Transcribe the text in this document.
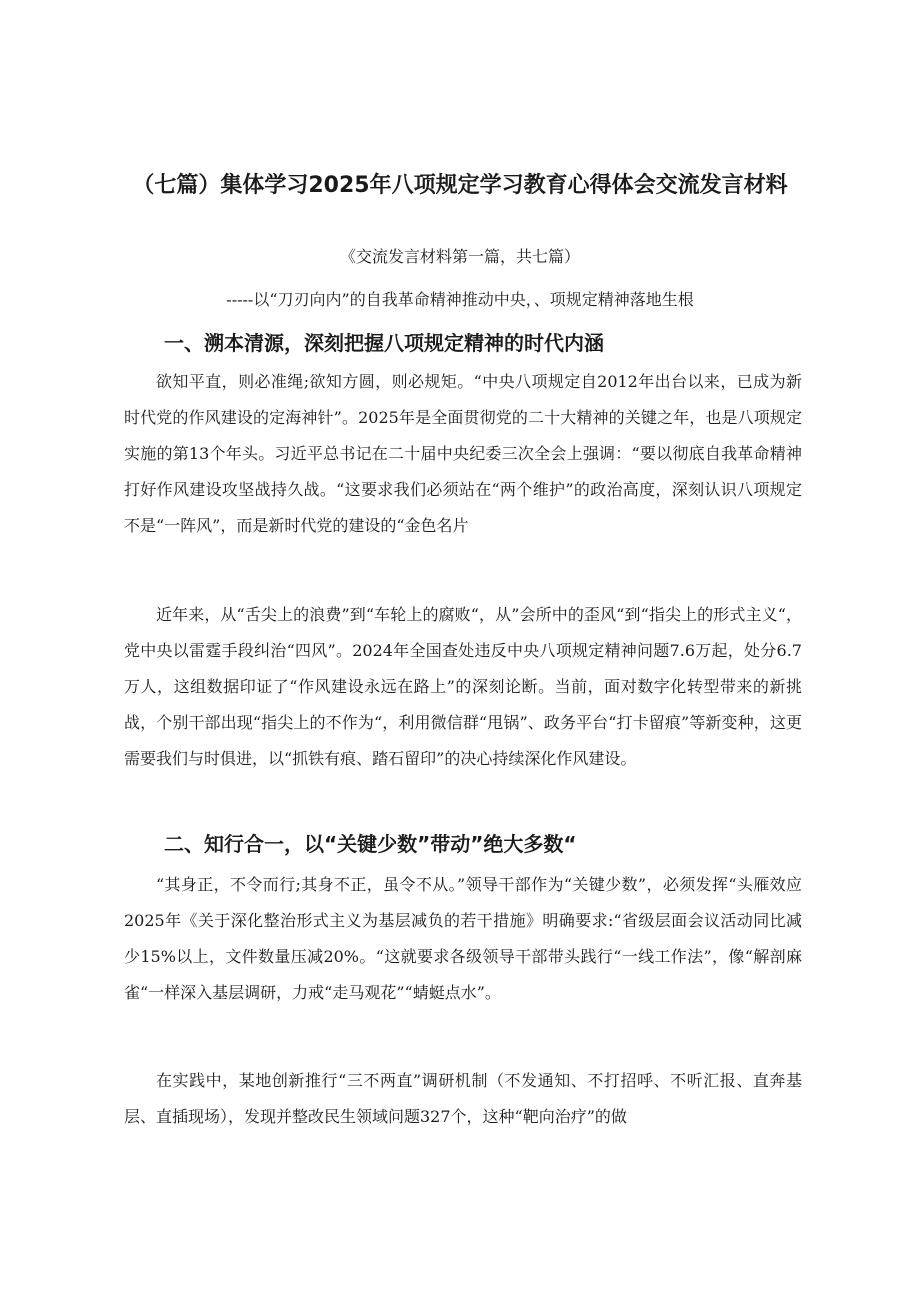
（七篇）集体学习2025年八项规定学习教育心得体会交流发言材料
《交流发言材料第一篇，共七篇）
-----以“刀刃向内”的自我革命精神推动中央，、项规定精神落地生根
一、溯本清源，深刻把握八项规定精神的时代内涵

欲知平直，则必准绳;欲知方圆，则必规矩。“中央八项规定自2012年出台以来，已成为新时代党的作风建设的定海神针”。2025年是全面贯彻党的二十大精神的关键之年，也是八项规定实施的第13个年头。习近平总书记在二十届中央纪委三次全会上强调：“要以彻底自我革命精神打好作风建设攻坚战持久战。“这要求我们必须站在“两个维护”的政治高度，深刻认识八项规定不是“一阵风”，而是新时代党的建设的“金色名片

近年来，从“舌尖上的浪费”到“车轮上的腐败“，从”会所中的歪风“到“指尖上的形式主义“，党中央以雷霆手段纠治“四风”。2024年全国查处违反中央八项规定精神问题7.6万起，处分6.7万人，这组数据印证了“作风建设永远在路上”的深刻论断。当前，面对数字化转型带来的新挑战，个别干部出现“指尖上的不作为“，利用微信群“甩锅”、政务平台“打卡留痕”等新变种，这更需要我们与时俱进，以“抓铁有痕、踏石留印”的决心持续深化作风建设。

二、知行合一，以“关键少数”带动”绝大多数“

“其身正，不令而行;其身不正，虽令不从。”领导干部作为“关键少数”，必须发挥“头雁效应2025年《关于深化整治形式主义为基层减负的若干措施》明确要求:“省级层面会议活动同比减少15%以上，文件数量压减20%。“这就要求各级领导干部带头践行“一线工作法”，像“解剖麻雀“一样深入基层调研，力戒“走马观花”“蜻蜓点水”。

在实践中，某地创新推行“三不两直”调研机制（不发通知、不打招呼、不听汇报、直奔基层、直插现场），发现并整改民生领域问题327个，这种“靶向治疗”的做
